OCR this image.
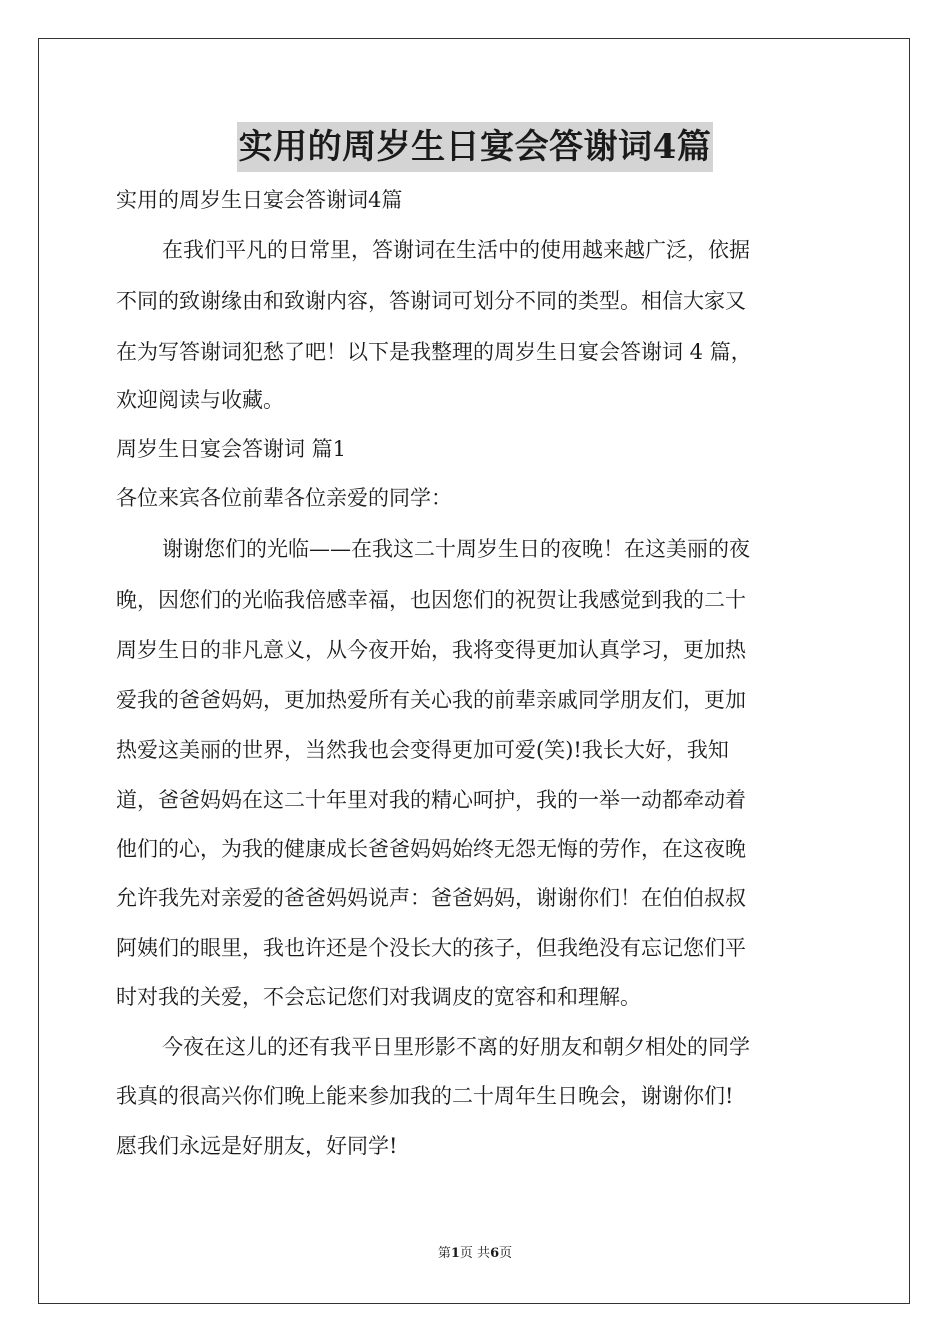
实用的周岁生日宴会答谢词4篇
实用的周岁生日宴会答谢词4篇
在我们平凡的日常里，答谢词在生活中的使用越来越广泛，依据
不同的致谢缘由和致谢内容，答谢词可划分不同的类型。相信大家又
在为写答谢词犯愁了吧！以下是我整理的周岁生日宴会答谢词 4 篇，
欢迎阅读与收藏。
周岁生日宴会答谢词 篇1
各位来宾各位前辈各位亲爱的同学：
谢谢您们的光临——在我这二十周岁生日的夜晚！在这美丽的夜
晚，因您们的光临我倍感幸福，也因您们的祝贺让我感觉到我的二十
周岁生日的非凡意义，从今夜开始，我将变得更加认真学习，更加热
爱我的爸爸妈妈，更加热爱所有关心我的前辈亲戚同学朋友们，更加
热爱这美丽的世界，当然我也会变得更加可爱(笑)!我长大好，我知
道，爸爸妈妈在这二十年里对我的精心呵护，我的一举一动都牵动着
他们的心，为我的健康成长爸爸妈妈始终无怨无悔的劳作，在这夜晚
允许我先对亲爱的爸爸妈妈说声：爸爸妈妈，谢谢你们！在伯伯叔叔
阿姨们的眼里，我也许还是个没长大的孩子，但我绝没有忘记您们平
时对我的关爱，不会忘记您们对我调皮的宽容和和理解。
今夜在这儿的还有我平日里形影不离的好朋友和朝夕相处的同学
我真的很高兴你们晚上能来参加我的二十周年生日晚会，谢谢你们!
愿我们永远是好朋友，好同学!
第1页 共6页
